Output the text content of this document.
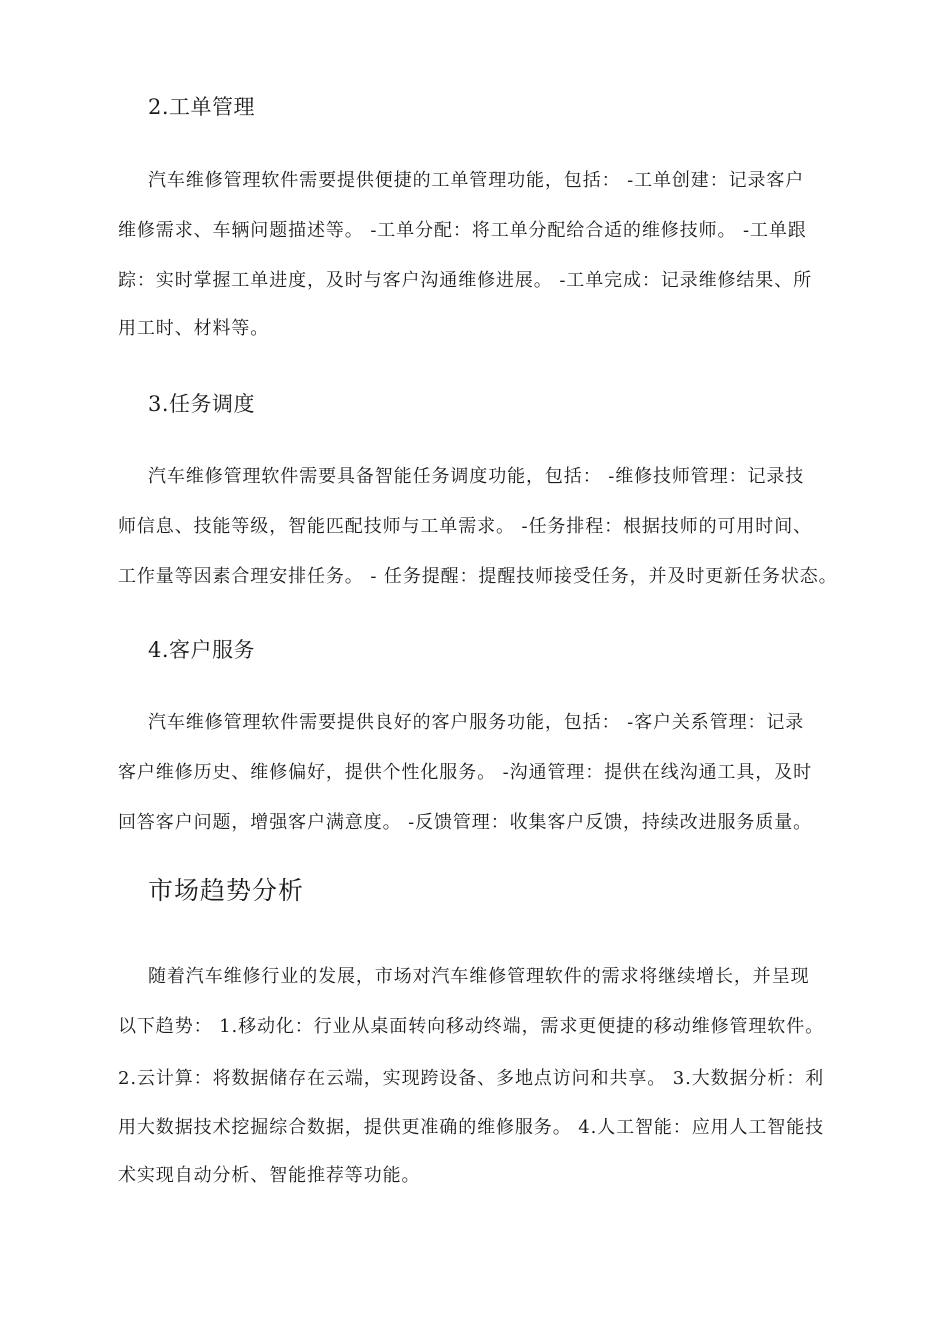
2.工单管理
汽车维修管理软件需要提供便捷的工单管理功能，包括： -工单创建：记录客户
维修需求、车辆问题描述等。 -工单分配：将工单分配给合适的维修技师。 -工单跟
踪：实时掌握工单进度，及时与客户沟通维修进展。 -工单完成：记录维修结果、所
用工时、材料等。
3.任务调度
汽车维修管理软件需要具备智能任务调度功能，包括： -维修技师管理：记录技
师信息、技能等级，智能匹配技师与工单需求。 -任务排程：根据技师的可用时间、
工作量等因素合理安排任务。 - 任务提醒：提醒技师接受任务，并及时更新任务状态。
4.客户服务
汽车维修管理软件需要提供良好的客户服务功能，包括： -客户关系管理：记录
客户维修历史、维修偏好，提供个性化服务。 -沟通管理：提供在线沟通工具，及时
回答客户问题，增强客户满意度。 -反馈管理：收集客户反馈，持续改进服务质量。
市场趋势分析
随着汽车维修行业的发展，市场对汽车维修管理软件的需求将继续增长，并呈现
以下趋势： 1.移动化：行业从桌面转向移动终端，需求更便捷的移动维修管理软件。
2.云计算：将数据储存在云端，实现跨设备、多地点访问和共享。 3.大数据分析：利
用大数据技术挖掘综合数据，提供更准确的维修服务。 4.人工智能：应用人工智能技
术实现自动分析、智能推荐等功能。
